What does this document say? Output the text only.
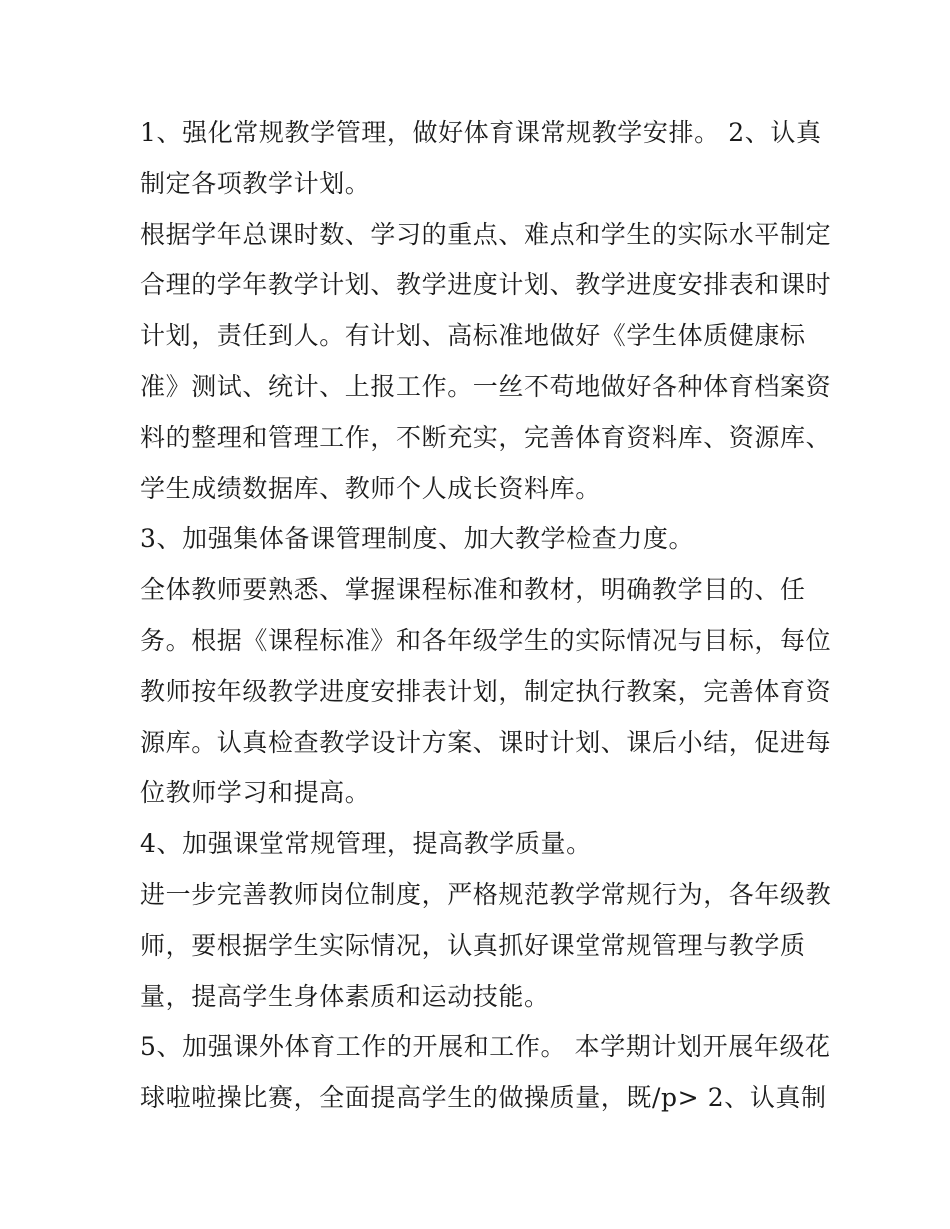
1、强化常规教学管理，做好体育课常规教学安排。 2、认真
制定各项教学计划。
根据学年总课时数、学习的重点、难点和学生的实际水平制定
合理的学年教学计划、教学进度计划、教学进度安排表和课时
计划，责任到人。有计划、高标准地做好《学生体质健康标
准》测试、统计、上报工作。一丝不苟地做好各种体育档案资
料的整理和管理工作，不断充实，完善体育资料库、资源库、
学生成绩数据库、教师个人成长资料库。
3、加强集体备课管理制度、加大教学检查力度。
全体教师要熟悉、掌握课程标准和教材，明确教学目的、任
务。根据《课程标准》和各年级学生的实际情况与目标，每位
教师按年级教学进度安排表计划，制定执行教案，完善体育资
源库。认真检查教学设计方案、课时计划、课后小结，促进每
位教师学习和提高。
4、加强课堂常规管理，提高教学质量。
进一步完善教师岗位制度，严格规范教学常规行为，各年级教
师，要根据学生实际情况，认真抓好课堂常规管理与教学质
量，提高学生身体素质和运动技能。
5、加强课外体育工作的开展和工作。 本学期计划开展年级花
球啦啦操比赛，全面提高学生的做操质量，既/p> 2、认真制
